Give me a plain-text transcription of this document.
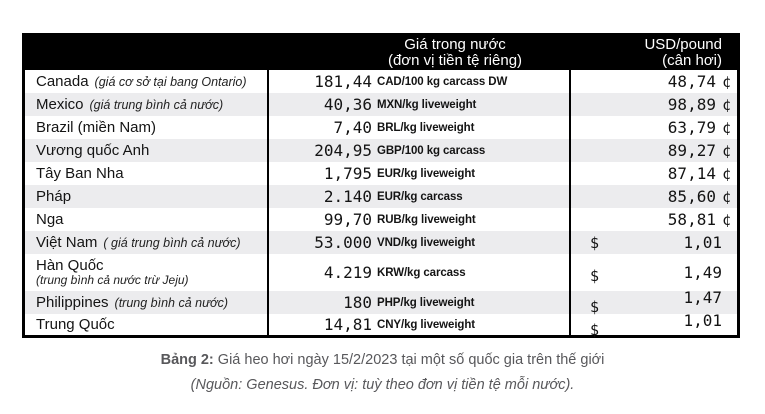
Giá trong nước
(đơn vị tiền tệ riêng)
USD/pound
(cân hơi)
Canada (giá cơ sở tại bang Ontario)	181,44 CAD/100 kg carcass DW	48,74 ¢
Mexico (giá trung bình cả nước)	40,36 MXN/kg liveweight	98,89 ¢
Brazil (miền Nam)	7,40 BRL/kg liveweight	63,79 ¢
Vương quốc Anh	204,95 GBP/100 kg carcass	89,27 ¢
Tây Ban Nha	1,795 EUR/kg liveweight	87,14 ¢
Pháp	2.140 EUR/kg carcass	85,60 ¢
Nga	99,70 RUB/kg liveweight	58,81 ¢
Việt Nam ( giá trung bình cả nước)	53.000 VND/kg liveweight	$	1,01
Hàn Quốc
(trung bình cả nước trừ Jeju)	4.219 KRW/kg carcass	$	1,49
Philippines (trung bình cả nước)	180 PHP/kg liveweight	$	1,47
Trung Quốc	14,81 CNY/kg liveweight	$	1,01
Bảng 2: Giá heo hơi ngày 15/2/2023 tại một số quốc gia trên thế giới
(Nguồn: Genesus. Đơn vị: tuỳ theo đơn vị tiền tệ mỗi nước).
